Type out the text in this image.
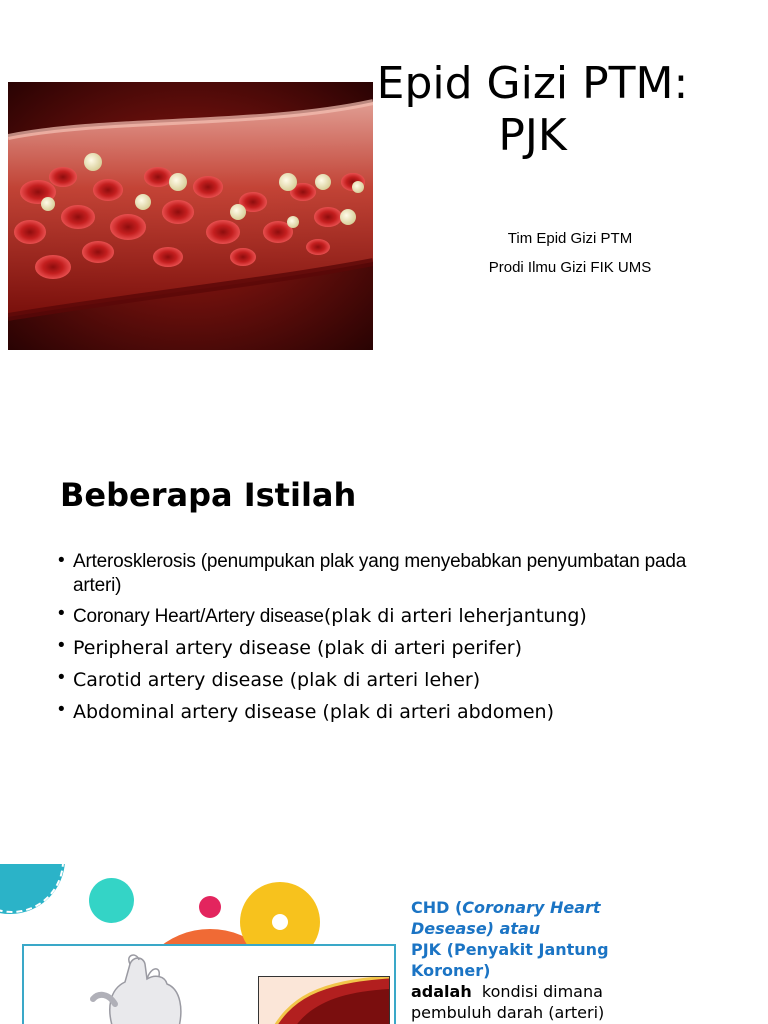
Epid Gizi PTM:
PJK
Tim Epid Gizi PTM
Prodi Ilmu Gizi FIK UMS
Beberapa Istilah
• Arterosklerosis (penumpukan plak yang menyebabkan penyumbatan pada arteri)
• Coronary Heart/Artery disease(plak di arteri leherjantung)
• Peripheral artery disease (plak di arteri perifer)
• Carotid artery disease (plak di arteri leher)
• Abdominal artery disease (plak di arteri abdomen)
CHD (Coronary Heart Desease) atau
PJK (Penyakit Jantung Koroner)
adalah kondisi dimana pembuluh darah (arteri)
